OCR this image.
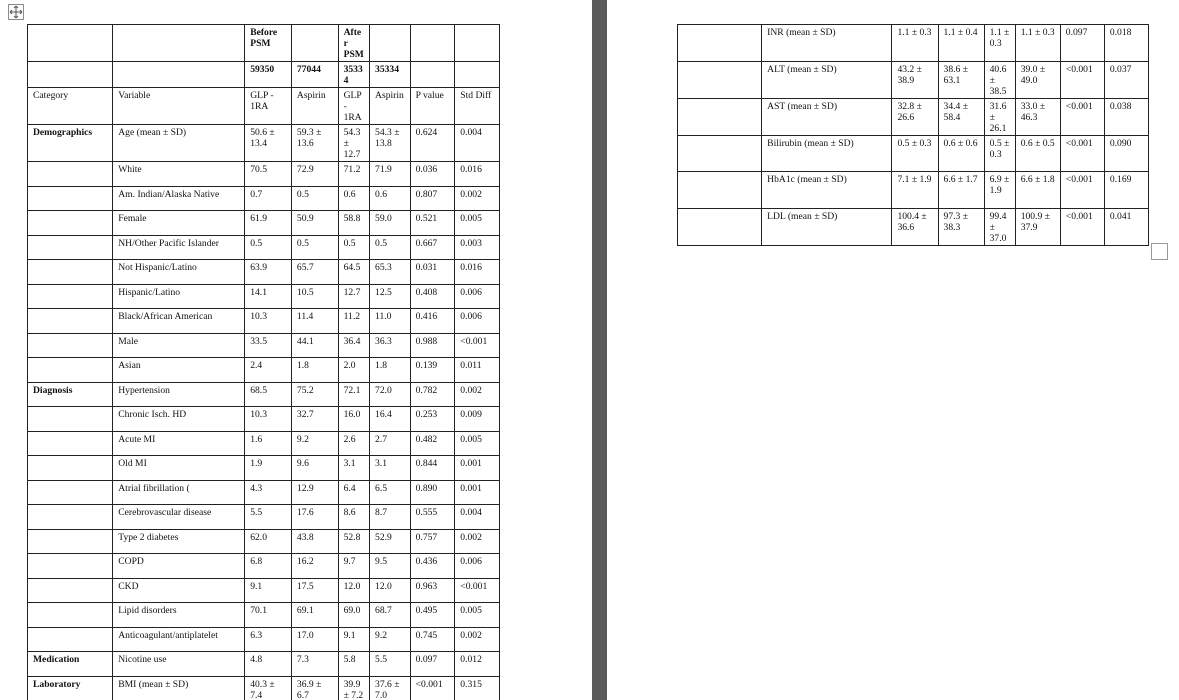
		Before PSM		After PSM			
		59350	77044	35334	35334		
Category	Variable	GLP - 1RA	Aspirin	GLP - 1RA	Aspirin	P value	Std Diff
Demographics	Age (mean ± SD)	50.6 ± 13.4	59.3 ± 13.6	54.3 ± 12.7	54.3 ± 13.8	0.624	0.004
	White	70.5	72.9	71.2	71.9	0.036	0.016
	Am. Indian/Alaska Native	0.7	0.5	0.6	0.6	0.807	0.002
	Female	61.9	50.9	58.8	59.0	0.521	0.005
	NH/Other Pacific Islander	0.5	0.5	0.5	0.5	0.667	0.003
	Not Hispanic/Latino	63.9	65.7	64.5	65.3	0.031	0.016
	Hispanic/Latino	14.1	10.5	12.7	12.5	0.408	0.006
	Black/African American	10.3	11.4	11.2	11.0	0.416	0.006
	Male	33.5	44.1	36.4	36.3	0.988	<0.001
	Asian	2.4	1.8	2.0	1.8	0.139	0.011
Diagnosis	Hypertension	68.5	75.2	72.1	72.0	0.782	0.002
	Chronic Isch. HD	10.3	32.7	16.0	16.4	0.253	0.009
	Acute MI	1.6	9.2	2.6	2.7	0.482	0.005
	Old MI	1.9	9.6	3.1	3.1	0.844	0.001
	Atrial fibrillation (	4.3	12.9	6.4	6.5	0.890	0.001
	Cerebrovascular disease	5.5	17.6	8.6	8.7	0.555	0.004
	Type 2 diabetes	62.0	43.8	52.8	52.9	0.757	0.002
	COPD	6.8	16.2	9.7	9.5	0.436	0.006
	CKD	9.1	17.5	12.0	12.0	0.963	<0.001
	Lipid disorders	70.1	69.1	69.0	68.7	0.495	0.005
	Anticoagulant/antiplatelet	6.3	17.0	9.1	9.2	0.745	0.002
Medication	Nicotine use	4.8	7.3	5.8	5.5	0.097	0.012
Laboratory	BMI (mean ± SD)	40.3 ± 7.4	36.9 ± 6.7	39.9 ± 7.2	37.6 ± 7.0	<0.001	0.315
	INR (mean ± SD)	1.1 ± 0.3	1.1 ± 0.4	1.1 ± 0.3	1.1 ± 0.3	0.097	0.018
	ALT (mean ± SD)	43.2 ± 38.9	38.6 ± 63.1	40.6 ± 38.5	39.0 ± 49.0	<0.001	0.037
	AST (mean ± SD)	32.8 ± 26.6	34.4 ± 58.4	31.6 ± 26.1	33.0 ± 46.3	<0.001	0.038
	Bilirubin (mean ± SD)	0.5 ± 0.3	0.6 ± 0.6	0.5 ± 0.3	0.6 ± 0.5	<0.001	0.090
	HbA1c (mean ± SD)	7.1 ± 1.9	6.6 ± 1.7	6.9 ± 1.9	6.6 ± 1.8	<0.001	0.169
	LDL (mean ± SD)	100.4 ± 36.6	97.3 ± 38.3	99.4 ± 37.0	100.9 ± 37.9	<0.001	0.041
